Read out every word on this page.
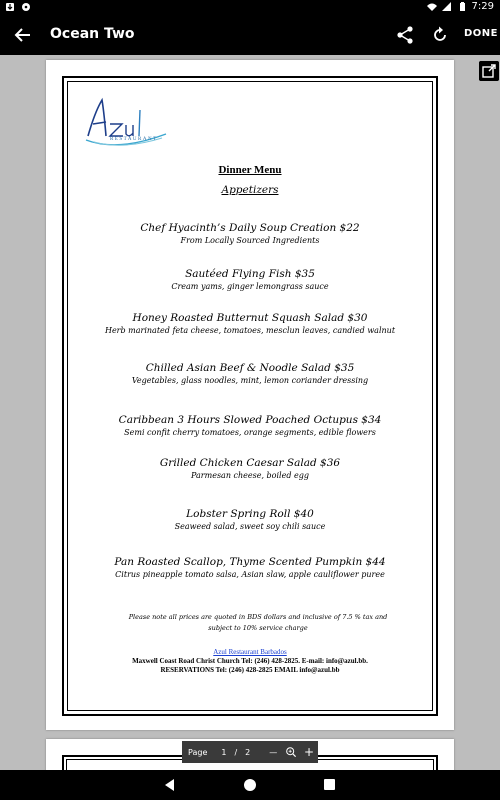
7:29
Ocean Two	DONE
RESTAURANT
Dinner Menu
Appetizers
Chef Hyacinth’s Daily Soup Creation $22
From Locally Sourced Ingredients
Sautéed Flying Fish $35
Cream yams, ginger lemongrass sauce
Honey Roasted Butternut Squash Salad $30
Herb marinated feta cheese, tomatoes, mesclun leaves, candied walnut
Chilled Asian Beef & Noodle Salad $35
Vegetables, glass noodles, mint, lemon coriander dressing
Caribbean 3 Hours Slowed Poached Octupus $34
Semi confit cherry tomatoes, orange segments, edible flowers
Grilled Chicken Caesar Salad $36
Parmesan cheese, boiled egg
Lobster Spring Roll $40
Seaweed salad, sweet soy chili sauce
Pan Roasted Scallop, Thyme Scented Pumpkin $44
Citrus pineapple tomato salsa, Asian slaw, apple cauliflower puree
Please note all prices are quoted in BDS dollars and inclusive of 7.5 % tax and subject to 10% service charge
Azul Restaurant Barbados
Maxwell Coast Road Christ Church Tel: (246) 428-2825. E-mail: info@azul.bb.
RESERVATIONS Tel: (246) 428-2825 EMAIL info@azul.bb
Page 1 / 2	—	+
